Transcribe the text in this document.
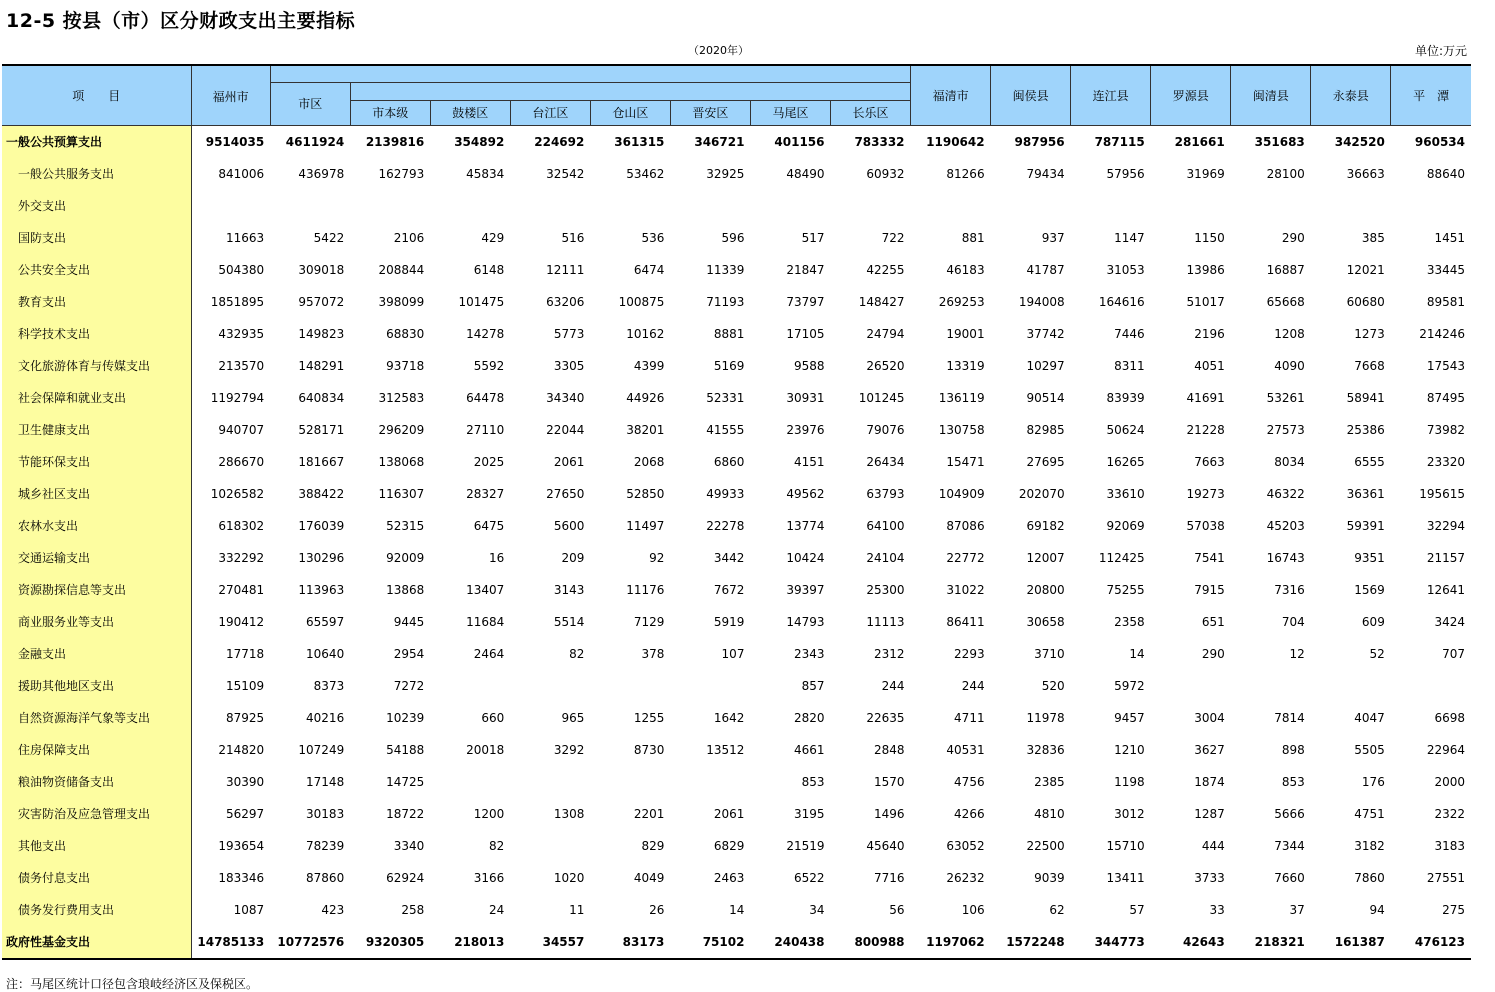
12-5 按县（市）区分财政支出主要指标
（2020年）	单位:万元
项　　目	福州市									福清市	闽侯县	连江县	罗源县	闽清县	永泰县	平　潭
		市区														
			市本级	鼓楼区	台江区	仓山区	晋安区	马尾区	长乐区							
一般公共预算支出	9514035	4611924	2139816	354892	224692	361315	346721	401156	783332	1190642	987956	787115	281661	351683	342520	960534
一般公共服务支出	841006	436978	162793	45834	32542	53462	32925	48490	60932	81266	79434	57956	31969	28100	36663	88640
外交支出																
国防支出	11663	5422	2106	429	516	536	596	517	722	881	937	1147	1150	290	385	1451
公共安全支出	504380	309018	208844	6148	12111	6474	11339	21847	42255	46183	41787	31053	13986	16887	12021	33445
教育支出	1851895	957072	398099	101475	63206	100875	71193	73797	148427	269253	194008	164616	51017	65668	60680	89581
科学技术支出	432935	149823	68830	14278	5773	10162	8881	17105	24794	19001	37742	7446	2196	1208	1273	214246
文化旅游体育与传媒支出	213570	148291	93718	5592	3305	4399	5169	9588	26520	13319	10297	8311	4051	4090	7668	17543
社会保障和就业支出	1192794	640834	312583	64478	34340	44926	52331	30931	101245	136119	90514	83939	41691	53261	58941	87495
卫生健康支出	940707	528171	296209	27110	22044	38201	41555	23976	79076	130758	82985	50624	21228	27573	25386	73982
节能环保支出	286670	181667	138068	2025	2061	2068	6860	4151	26434	15471	27695	16265	7663	8034	6555	23320
城乡社区支出	1026582	388422	116307	28327	27650	52850	49933	49562	63793	104909	202070	33610	19273	46322	36361	195615
农林水支出	618302	176039	52315	6475	5600	11497	22278	13774	64100	87086	69182	92069	57038	45203	59391	32294
交通运输支出	332292	130296	92009	16	209	92	3442	10424	24104	22772	12007	112425	7541	16743	9351	21157
资源勘探信息等支出	270481	113963	13868	13407	3143	11176	7672	39397	25300	31022	20800	75255	7915	7316	1569	12641
商业服务业等支出	190412	65597	9445	11684	5514	7129	5919	14793	11113	86411	30658	2358	651	704	609	3424
金融支出	17718	10640	2954	2464	82	378	107	2343	2312	2293	3710	14	290	12	52	707
援助其他地区支出	15109	8373	7272					857	244	244	520	5972				
自然资源海洋气象等支出	87925	40216	10239	660	965	1255	1642	2820	22635	4711	11978	9457	3004	7814	4047	6698
住房保障支出	214820	107249	54188	20018	3292	8730	13512	4661	2848	40531	32836	1210	3627	898	5505	22964
粮油物资储备支出	30390	17148	14725					853	1570	4756	2385	1198	1874	853	176	2000
灾害防治及应急管理支出	56297	30183	18722	1200	1308	2201	2061	3195	1496	4266	4810	3012	1287	5666	4751	2322
其他支出	193654	78239	3340	82		829	6829	21519	45640	63052	22500	15710	444	7344	3182	3183
债务付息支出	183346	87860	62924	3166	1020	4049	2463	6522	7716	26232	9039	13411	3733	7660	7860	27551
债务发行费用支出	1087	423	258	24	11	26	14	34	56	106	62	57	33	37	94	275
政府性基金支出	14785133	10772576	9320305	218013	34557	83173	75102	240438	800988	1197062	1572248	344773	42643	218321	161387	476123
注：马尾区统计口径包含琅岐经济区及保税区。
